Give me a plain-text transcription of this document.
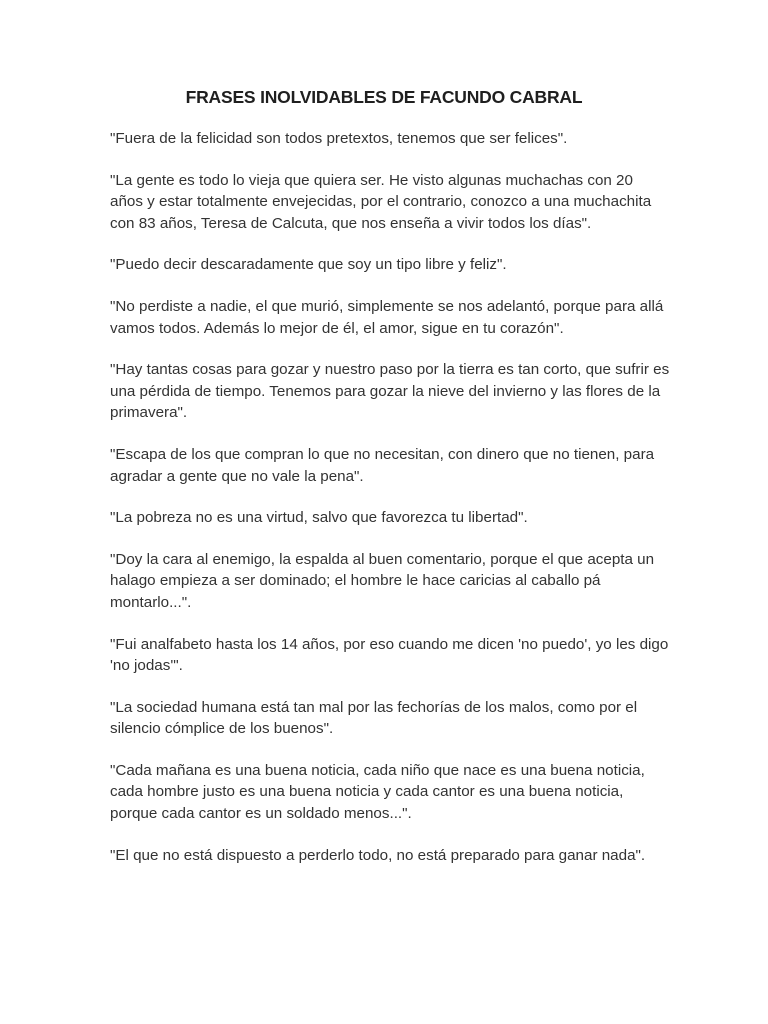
FRASES INOLVIDABLES DE FACUNDO CABRAL

"Fuera de la felicidad son todos pretextos, tenemos que ser felices".

"La gente es todo lo vieja que quiera ser. He visto algunas muchachas con 20 años y estar totalmente envejecidas, por el contrario, conozco a una muchachita con 83 años, Teresa de Calcuta, que nos enseña a vivir todos los días".

"Puedo decir descaradamente que soy un tipo libre y feliz".

"No perdiste a nadie, el que murió, simplemente se nos adelantó, porque para allá vamos todos. Además lo mejor de él, el amor, sigue en tu corazón".

"Hay tantas cosas para gozar y nuestro paso por la tierra es tan corto, que sufrir es una pérdida de tiempo. Tenemos para gozar la nieve del invierno y las flores de la primavera".

"Escapa de los que compran lo que no necesitan, con dinero que no tienen, para agradar a gente que no vale la pena".

"La pobreza no es una virtud, salvo que favorezca tu libertad".

"Doy la cara al enemigo, la espalda al buen comentario, porque el que acepta un halago empieza a ser dominado; el hombre le hace caricias al caballo pá montarlo...".

"Fui analfabeto hasta los 14 años, por eso cuando me dicen 'no puedo', yo les digo 'no jodas'".

"La sociedad humana está tan mal por las fechorías de los malos, como por el silencio cómplice de los buenos".

"Cada mañana es una buena noticia, cada niño que nace es una buena noticia, cada hombre justo es una buena noticia y cada cantor es una buena noticia, porque cada cantor es un soldado menos...".

"El que no está dispuesto a perderlo todo, no está preparado para ganar nada".
